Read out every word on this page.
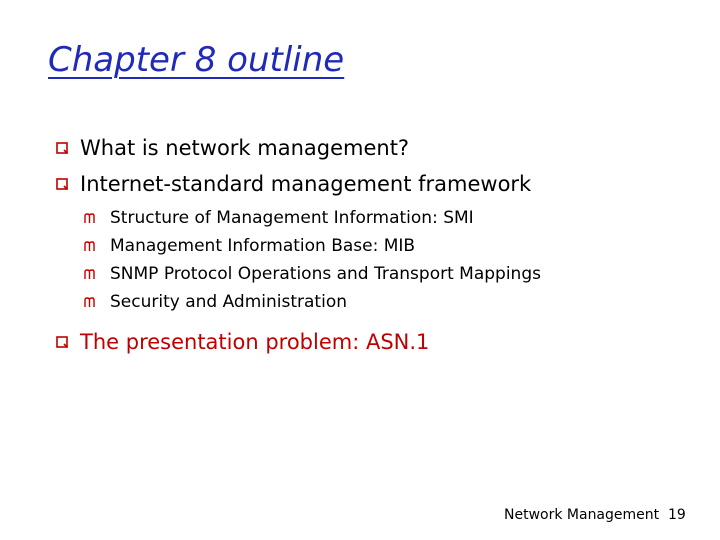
Chapter 8 outline
What is network management?
Internet-standard management framework
Structure of Management Information: SMI
Management Information Base: MIB
SNMP Protocol Operations and Transport Mappings
Security and Administration
The presentation problem: ASN.1
Network Management 19
